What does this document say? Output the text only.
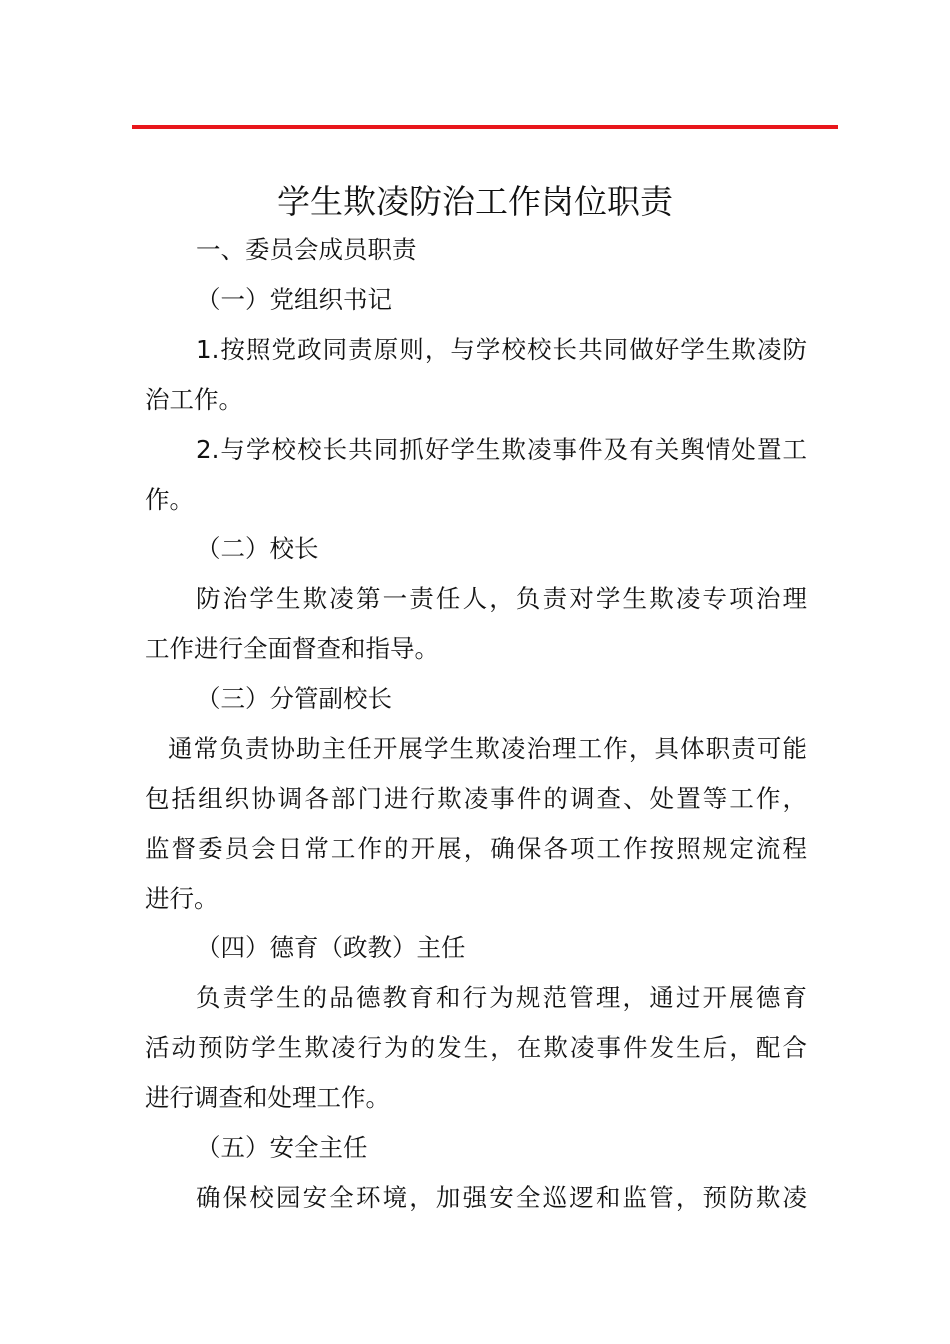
学生欺凌防治工作岗位职责
一、委员会成员职责
（一）党组织书记
1.按照党政同责原则，与学校校长共同做好学生欺凌防
治工作。
2.与学校校长共同抓好学生欺凌事件及有关舆情处置工
作。
（二）校长
防治学生欺凌第一责任人，负责对学生欺凌专项治理
工作进行全面督查和指导。
（三）分管副校长
通常负责协助主任开展学生欺凌治理工作，具体职责可能
包括组织协调各部门进行欺凌事件的调查、处置等工作，
监督委员会日常工作的开展，确保各项工作按照规定流程
进行。
（四）德育（政教）主任
负责学生的品德教育和行为规范管理，通过开展德育
活动预防学生欺凌行为的发生，在欺凌事件发生后，配合
进行调查和处理工作。
（五）安全主任
确保校园安全环境，加强安全巡逻和监管，预防欺凌
